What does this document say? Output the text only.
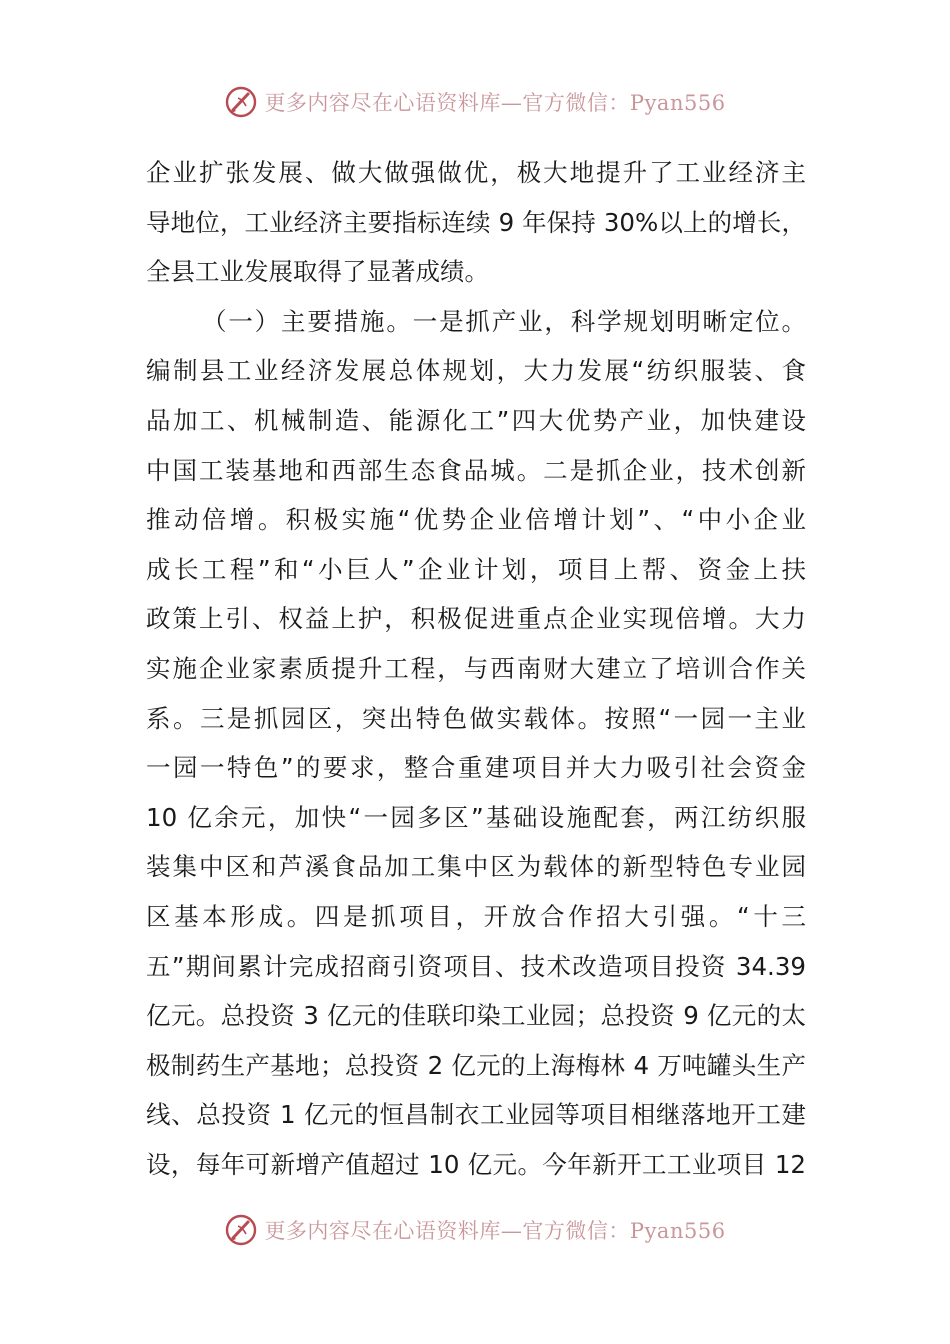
更多内容尽在心语资料库—官方微信：Pyan556
企业扩张发展、做大做强做优，极大地提升了工业经济主
导地位，工业经济主要指标连续 9 年保持 30%以上的增长，
全县工业发展取得了显著成绩。
（一）主要措施。一是抓产业，科学规划明晰定位。
编制县工业经济发展总体规划，大力发展“纺织服装、食
品加工、机械制造、能源化工”四大优势产业，加快建设
中国工装基地和西部生态食品城。二是抓企业，技术创新
推动倍增。积极实施“优势企业倍增计划”、“中小企业
成长工程”和“小巨人”企业计划，项目上帮、资金上扶
政策上引、权益上护，积极促进重点企业实现倍增。大力
实施企业家素质提升工程，与西南财大建立了培训合作关
系。三是抓园区，突出特色做实载体。按照“一园一主业
一园一特色”的要求，整合重建项目并大力吸引社会资金
10 亿余元，加快“一园多区”基础设施配套，两江纺织服
装集中区和芦溪食品加工集中区为载体的新型特色专业园
区基本形成。四是抓项目，开放合作招大引强。“十三
五”期间累计完成招商引资项目、技术改造项目投资 34.39
亿元。总投资 3 亿元的佳联印染工业园；总投资 9 亿元的太
极制药生产基地；总投资 2 亿元的上海梅林 4 万吨罐头生产
线、总投资 1 亿元的恒昌制衣工业园等项目相继落地开工建
设，每年可新增产值超过 10 亿元。今年新开工工业项目 12
更多内容尽在心语资料库—官方微信：Pyan556
